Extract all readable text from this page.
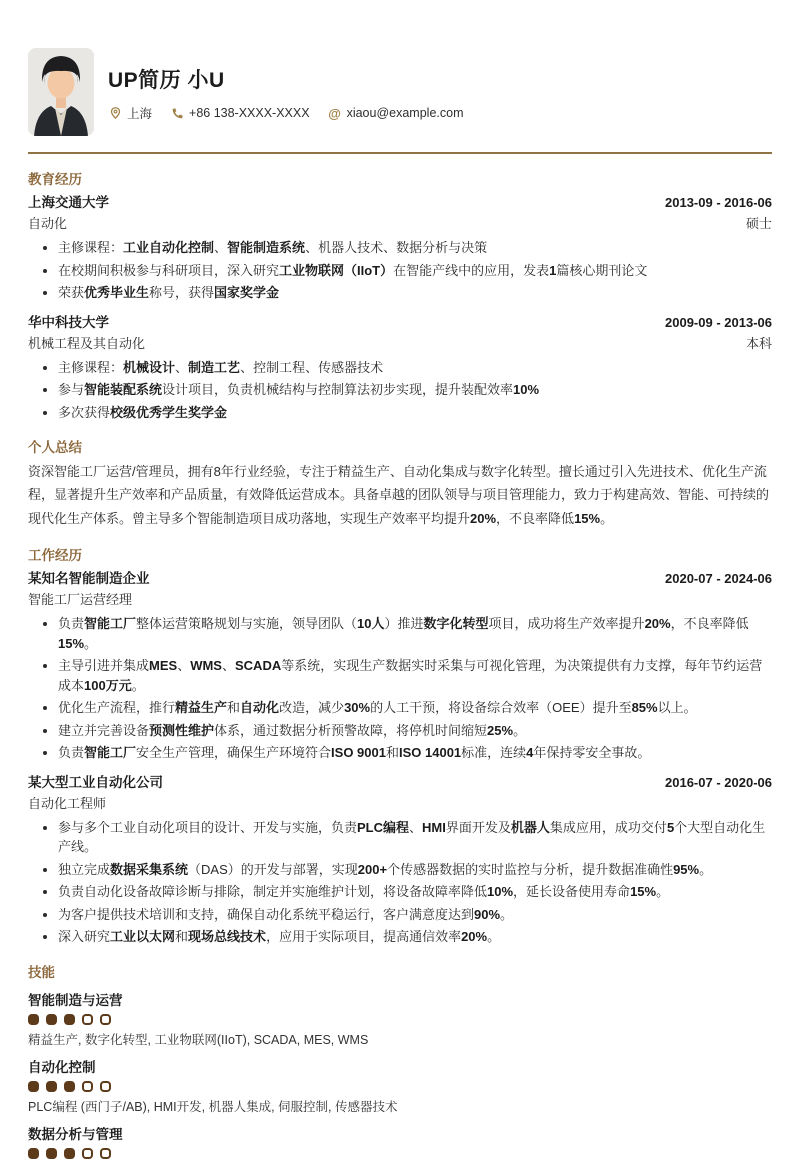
UP简历 小U
上海	+86 138-XXXX-XXXX @ xiaou@example.com
教育经历
上海交通大学	2013-09 - 2016-06
自动化	硕士
• 主修课程：工业自动化控制、智能制造系统、机器人技术、数据分析与决策
• 在校期间积极参与科研项目，深入研究工业物联网（IIoT）在智能产线中的应用，发表1篇核心期刊论文
• 荣获优秀毕业生称号，获得国家奖学金
华中科技大学	2009-09 - 2013-06
机械工程及其自动化	本科
• 主修课程：机械设计、制造工艺、控制工程、传感器技术
• 参与智能装配系统设计项目，负责机械结构与控制算法初步实现，提升装配效率10%
• 多次获得校级优秀学生奖学金
个人总结

资深智能工厂运营/管理员，拥有8年行业经验，专注于精益生产、自动化集成与数字化转型。擅长通过引入先进技术、优化生产流程，显著提升生产效率和产品质量，有效降低运营成本。具备卓越的团队领导与项目管理能力，致力于构建高效、智能、可持续的现代化生产体系。曾主导多个智能制造项目成功落地，实现生产效率平均提升20%，不良率降低15%。

工作经历
某知名智能制造企业	2020-07 - 2024-06
智能工厂运营经理
• 负责智能工厂整体运营策略规划与实施，领导团队（10人）推进数字化转型项目，成功将生产效率提升20%，不良率降低15%。
• 主导引进并集成MES、WMS、SCADA等系统，实现生产数据实时采集与可视化管理，为决策提供有力支撑，每年节约运营成本100万元。
• 优化生产流程，推行精益生产和自动化改造，减少30%的人工干预，将设备综合效率（OEE）提升至85%以上。
• 建立并完善设备预测性维护体系，通过数据分析预警故障，将停机时间缩短25%。
• 负责智能工厂安全生产管理，确保生产环境符合ISO 9001和ISO 14001标准，连续4年保持零安全事故。
某大型工业自动化公司	2016-07 - 2020-06
自动化工程师
• 参与多个工业自动化项目的设计、开发与实施，负责PLC编程、HMI界面开发及机器人集成应用，成功交付5个大型自动化生产线。
• 独立完成数据采集系统（DAS）的开发与部署，实现200+个传感器数据的实时监控与分析，提升数据准确性95%。
• 负责自动化设备故障诊断与排除，制定并实施维护计划，将设备故障率降低10%，延长设备使用寿命15%。
• 为客户提供技术培训和支持，确保自动化系统平稳运行，客户满意度达到90%。
• 深入研究工业以太网和现场总线技术，应用于实际项目，提高通信效率20%。
技能
智能制造与运营
精益生产, 数字化转型, 工业物联网(IIoT), SCADA, MES, WMS
自动化控制
PLC编程 (西门子/AB), HMI开发, 机器人集成, 伺服控制, 传感器技术
数据分析与管理
